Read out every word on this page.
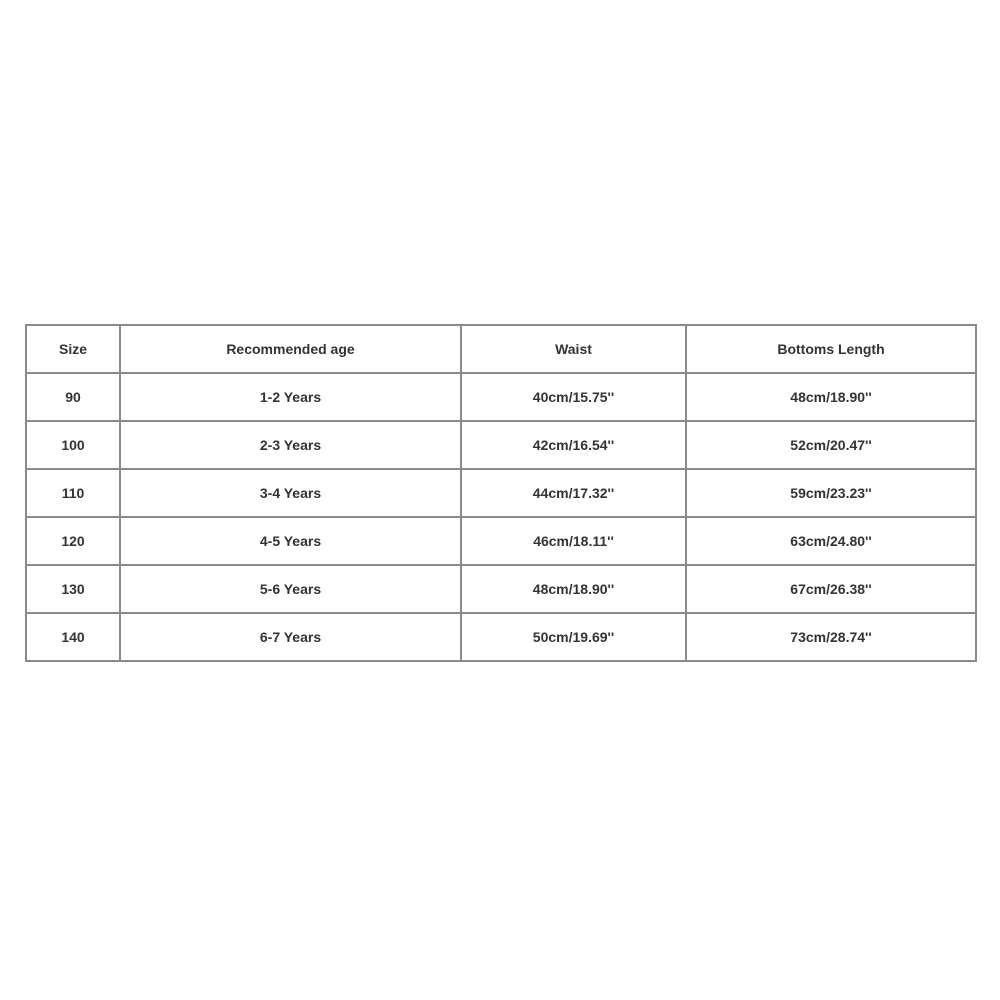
Size	Recommended age	Waist	Bottoms Length
90	1-2 Years	40cm/15.75''	48cm/18.90''
100	2-3 Years	42cm/16.54''	52cm/20.47''
110	3-4 Years	44cm/17.32''	59cm/23.23''
120	4-5 Years	46cm/18.11''	63cm/24.80''
130	5-6 Years	48cm/18.90''	67cm/26.38''
140	6-7 Years	50cm/19.69''	73cm/28.74''
